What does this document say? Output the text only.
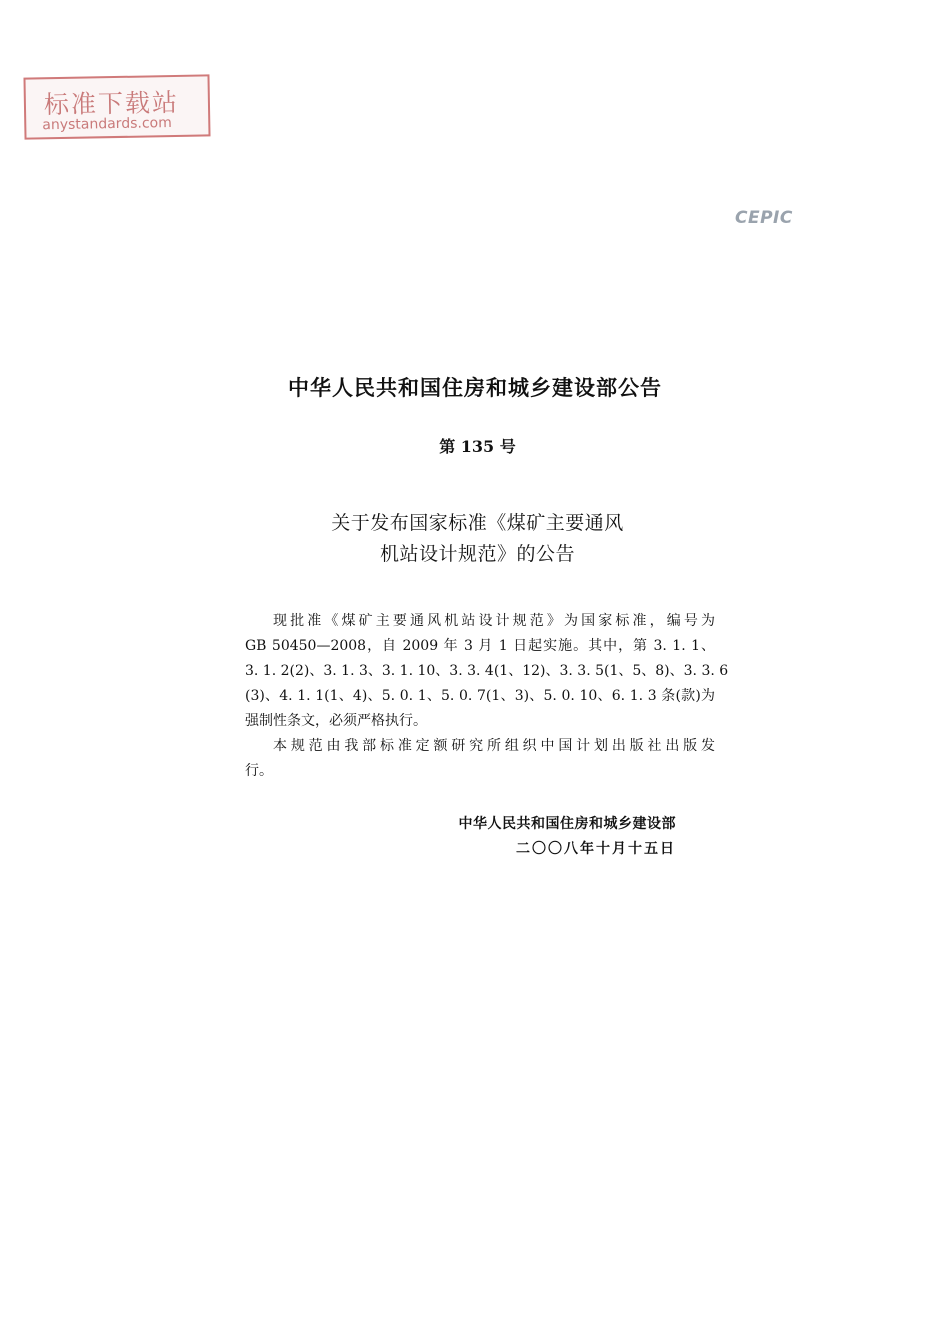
标准下载站
anystandards.com
CEPIC
中华人民共和国住房和城乡建设部公告
第 135 号
关于发布国家标准《煤矿主要通风
机站设计规范》的公告
现批准《煤矿主要通风机站设计规范》为国家标准，编号为
GB 50450—2008，自 2009 年 3 月 1 日起实施。其中，第 3. 1. 1、
3. 1. 2(2)、3. 1. 3、3. 1. 10、3. 3. 4(1、12)、3. 3. 5(1、5、8)、3. 3. 6
(3)、4. 1. 1(1、4)、5. 0. 1、5. 0. 7(1、3)、5. 0. 10、6. 1. 3 条(款)为
强制性条文，必须严格执行。
本规范由我部标准定额研究所组织中国计划出版社出版发
行。
中华人民共和国住房和城乡建设部
二〇〇八年十月十五日
